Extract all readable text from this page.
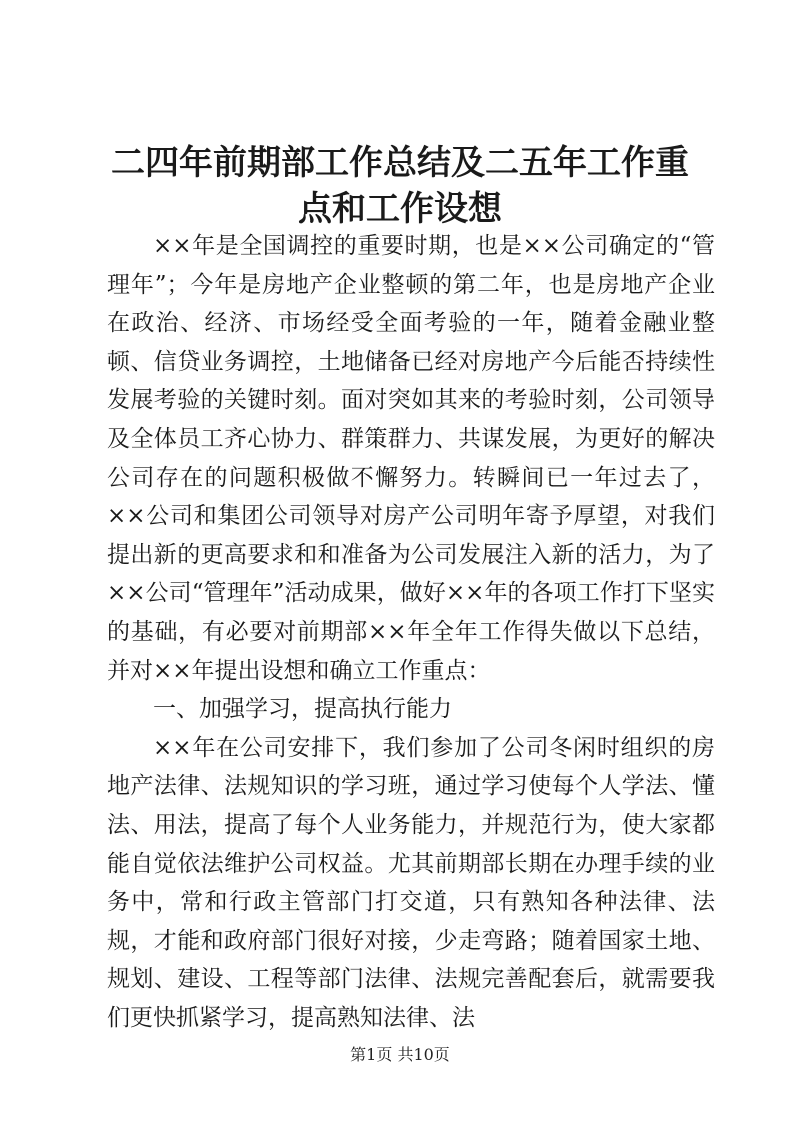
二四年前期部工作总结及二五年工作重点和工作设想

××年是全国调控的重要时期，也是××公司确定的“管理年”；今年是房地产企业整顿的第二年，也是房地产企业在政治、经济、市场经受全面考验的一年，随着金融业整顿、信贷业务调控，土地储备已经对房地产今后能否持续性发展考验的关键时刻。面对突如其来的考验时刻，公司领导及全体员工齐心协力、群策群力、共谋发展，为更好的解决公司存在的问题积极做不懈努力。转瞬间已一年过去了，××公司和集团公司领导对房产公司明年寄予厚望，对我们提出新的更高要求和和准备为公司发展注入新的活力，为了××公司“管理年”活动成果，做好××年的各项工作打下坚实的基础，有必要对前期部××年全年工作得失做以下总结，并对××年提出设想和确立工作重点：

一、加强学习，提高执行能力

××年在公司安排下，我们参加了公司冬闲时组织的房地产法律、法规知识的学习班，通过学习使每个人学法、懂法、用法，提高了每个人业务能力，并规范行为，使大家都能自觉依法维护公司权益。尤其前期部长期在办理手续的业务中，常和行政主管部门打交道，只有熟知各种法律、法规，才能和政府部门很好对接，少走弯路；随着国家土地、规划、建设、工程等部门法律、法规完善配套后，就需要我们更快抓紧学习，提高熟知法律、法

第1页 共10页
